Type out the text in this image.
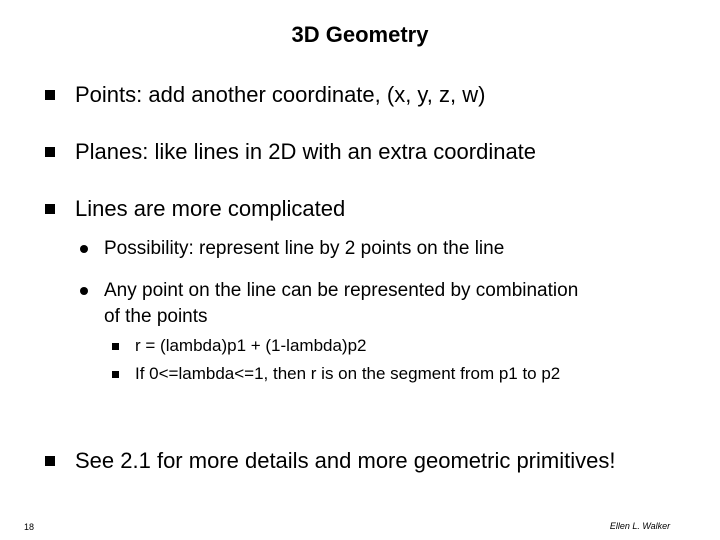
3D Geometry
Points: add another coordinate, (x, y, z, w)
Planes: like lines in 2D with an extra coordinate
Lines are more complicated
Possibility: represent line by 2 points on the line
Any point on the line can be represented by combination
of the points
r = (lambda)p1 + (1-lambda)p2
If 0<=lambda<=1, then r is on the segment from p1 to p2
See 2.1 for more details and more geometric primitives!
18	Ellen L. Walker
